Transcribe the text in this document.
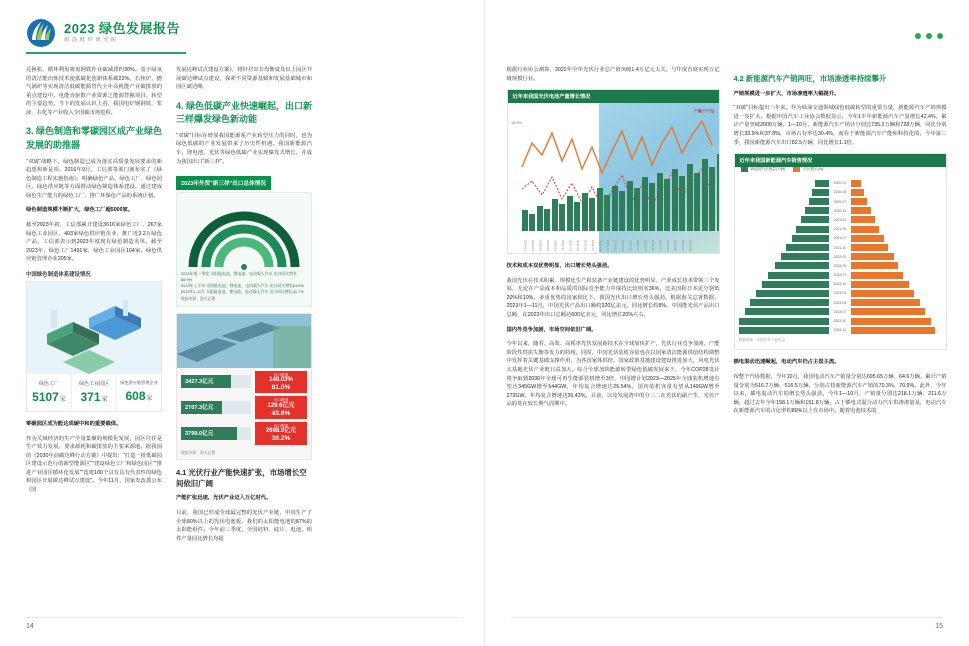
2023 绿色发展报告
新 浪 财 经 研 究 院

兑换机、循环利用将废钢铁作业碳减排约30%。基于绿氢的清洁能冶炼技术使低碳化创新体系碳23%。石焦炉、燃气锅炉等实现清洁低碳能源替代全年高耗能产业碳排放的重点建设中。电能直驱数产业资源之能源替换项目、转型的主要趋势。当下的发展认识上看，我国电炉钢钢铁、浆液、石化等产业收入全国碳市场进程。

3. 绿色制造和零碳园区成产业绿色发展的助推器

"双碳"战略下，绿色制造已成为落实高质量发展要求的新趋势和新是项。2016年9月，工信部等部门颁布实了《绿色制造工程实施指南》，明确绿色产品、绿色工厂、绿色园区、绿色供应链等方面推动绿色制造体系建设。通过建成绿色生产能力的绿色工厂，推广环保色产品的系统计划。

绿色制造规模不断扩大，绿色工厂超5000家。

截至2023年初，工信部累计建设3616家绿色工厂、267家绿色工业园区、403家绿色供应链企业，推广近3.2万绿色产品。工信部表示到2023年度现有绿色制造名单。截至2023年，绿色工厂1491家，绿色工业园区104家。绿色供应链管理企业205家。

中国绿色制造体系建设情况
绿色工厂
5107家
绿色工业园区
371家
绿色供应链管理企业
608家

零碳园区成为能达成碳中和的重要载体。

作为关域经济的生产全量集聚的规模化发展，园区往往是生产效力发展、要求源耗和碳排放的主要来源地。据我国的《2030年前碳达峰行动方案》中提出："打造一批低碳园区建设示范行的新型能源区""建设绿色工厂和绿色园区""推进产业园区循环化发展""选建100个具有具有代表性的绿色和园区开展碳达峰试点建设"。今年11月，国家发改委公布《国

发展达峰试点建设方案》，将针对出非均衡度及以上园区开展碳达峰试点建设，探索不同资源基赋和发展基础城市和园区碳达峰。

4. 绿色低碳产业快速崛起，出口新三样爆发绿色新动能

"双碳"目标在增加我国能源系产业转型压力的同时，也为绿色低碳的产业发展带来了历史性机遇。我国新能源汽车、锂电池、光伏等绿色低碳产业实现爆发式增长，并成为我国出口"新三样"。

2023年外贸"新三样"出口总体情况
2023年第一季度 太阳能电池、锂电池、电动载人汽车 出口同比增长66.9%
2023年上半年 太阳能电池、锂电池、电动载人汽车 出口同比增长61.6%
2023年1-11月 太阳能电池、锂电池、电动载人汽车 出口同比增长41.7%
数据来源：海关总署
3427.3亿元
出口增速
146.03%
81.0%
2707.3亿元
出口增速
129.6亿元
43.6%
3799.0亿元
出口增速
2698.9亿元
30.2%
数据来源：海关总署
4.1 光伏行业产能快速扩张，市场增长空间依旧广阔

产能扩张迅速，光伏产业迈入万亿时代。

目前，我国已形成全球最完整的光伏产业链，中国生产了全球80%以上的光伏电池板，我们的太阳能电池的87%的太阳能组件。今年前三季度，全国硅料、硅片、电池、组件产量同比增长均超

14

根据行业协会测算，2022年全年光伏行业总产值突破1.4万亿元大关，与年度首度实现万亿级规模行业。

近年来我国光伏电池产量增长情况
66.9%
产量(万千瓦)
2020-01	2020-03	2020-05	2020-07	2020-09	2020-11	2021-01	2021-03	2021-05	2021-07	2021-09	2021-11	2022-01	2022-03	2022-05	2022-07	2022-09	2022-11	2023-01	2023-03	2023-05	2023-07	2023-09

技术和成本双优势明显，出口增长势头强劲。

我国光伏在技术积累、规模化生产和装备产业链建设的优势明显。产业成长技术带领三个发展，无论在产品成本和品质的国际竞争能力中保持比较则名36%，比美国和日本更分别低20%和10%。多重优势的国家相比下，我国光伏出口增长势头强劲。根据海关总署数据，2023年1—11月，中国光伏产品出口额约320亿美元，同比增长约8%。中国能光伏产品出口总额，在2023年出口总额达600亿美元，同比增长20%左右。

国内外竞争加剧，市场空间依旧广阔。

今年以来，随着、高效、高耗率光伏发展新技术在全球加快扩产，光伏行业竞争加剧，产能阶段性供需失衡等发力的特现。同时，中国光伏装机容量也在以国家清洁能源供给结构调整中发挥着关键基础支撑作用，为各国家体供给。国家政策基地建设建设推进加大，风电光伏大基地光伏产业链日益加大。综合全球加快能源转型绿色低碳发展来下，今年COP28签计将争取到2030年全球可再生能源装机增至3倍，中国增计划2023—2025年全球装机增速有望达345GW增至544GW，年均复合增速达25.54%，国内装机容量有望从149GW增至273GW，年均复合增速达36.43%，目前，以及发展清中的分三二在光伏的副产生，光伏产品的优在较长期气周期中。

4.2 新能源汽车产销两旺，市场渗透率持续攀升

产销规模进一步扩大，市场渗透率大幅提升。

"双碳"目标提出三年来，作为绿油交通领域绿色低碳转型的重要力量，新能源汽车产销规模进一步扩大。根据中国汽车工业协会数据显示，今年1半年新能源汽车产量增长42.4%，累计产量突破2000万辆。1—10月，新能源汽车产销计分别达735.2万辆和728万辆，同比分别增长33.9%和37.8%，市场占有率达30.4%，而在于新能源汽车产能和科技化的，今年第三季，我国新能源汽车出口82.5万辆，同比增长1.1倍。

近年来我国新能源汽车销售情况
新能源汽车销量(万辆)	同比增长(%)
2020-01
2020-04
2020-07
2020-10
2021-01
2021-04
2021-07
2021-10
2022-01
2022-04
2022-07
2022-10
2023-01
2023-04
2023-07
2023-10
2023-12
数据来源：中国汽车工业协会

插电混动迅速崛起，电动汽车仍占主盘主流。

按整个汽协数据，今年10月，我国电动汽车产销量分别达695.65万辆、64.6万辆，累计产销量分别为516.7万辆、516.5万辆，分别占技新能源汽车产销的70.3%、70.9%。此外，今年以来，插电混动汽车的增长势头强劲，今年1—10月，产销量分别达218.1万辆、211.6万辆，超过去年全年158.1万辆和151.8万辆，占于插电式混合动力汽车供渗渗量及，电动汽车在新能源汽车的占比率约80%以上在市场中。随着电池技术的

15
